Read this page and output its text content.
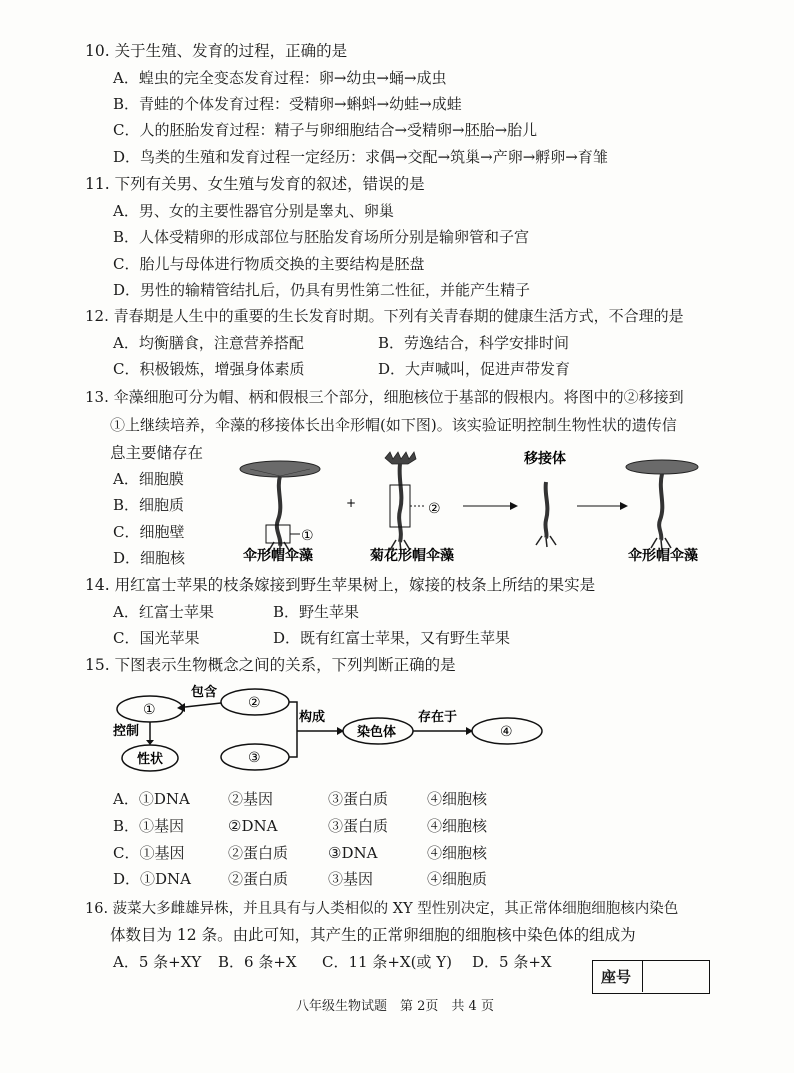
10. 关于生殖、发育的过程，正确的是
A．蝗虫的完全变态发育过程：卵→幼虫→蛹→成虫
B．青蛙的个体发育过程：受精卵→蝌蚪→幼蛙→成蛙
C．人的胚胎发育过程：精子与卵细胞结合→受精卵→胚胎→胎儿
D．鸟类的生殖和发育过程一定经历：求偶→交配→筑巢→产卵→孵卵→育雏
11. 下列有关男、女生殖与发育的叙述，错误的是
A．男、女的主要性器官分别是睾丸、卵巢
B．人体受精卵的形成部位与胚胎发育场所分别是输卵管和子宫
C．胎儿与母体进行物质交换的主要结构是胚盘
D．男性的输精管结扎后，仍具有男性第二性征，并能产生精子
12. 青春期是人生中的重要的生长发育时期。下列有关青春期的健康生活方式，不合理的是
A．均衡膳食，注意营养搭配	B．劳逸结合，科学安排时间
C．积极锻炼，增强身体素质	D．大声喊叫，促进声带发育
13. 伞藻细胞可分为帽、柄和假根三个部分，细胞核位于基部的假根内。将图中的②移接到
①上继续培养，伞藻的移接体长出伞形帽(如下图)。该实验证明控制生物性状的遗传信
息主要储存在
A．细胞膜
B．细胞质
C．细胞壁
D．细胞核
①
伞形帽伞藻
+	②
菊花形帽伞藻
移接体
伞形帽伞藻
14. 用红富士苹果的枝条嫁接到野生苹果树上，嫁接的枝条上所结的果实是
A．红富士苹果	B．野生苹果
C．国光苹果	D．既有红富士苹果，又有野生苹果
15. 下图表示生物概念之间的关系，下列判断正确的是
①	②
③
④
性状
染色体
包含
控制
构成	存在于
A．①DNA	②基因	③蛋白质	④细胞核
B．①基因	②DNA	③蛋白质	④细胞核
C．①基因	②蛋白质	③DNA	④细胞核
D．①DNA ②蛋白质	③基因	④细胞质
16. 菠菜大多雌雄异株，并且具有与人类相似的 XY 型性别决定，其正常体细胞细胞核内染色
体数目为 12 条。由此可知，其产生的正常卵细胞的细胞核中染色体的组成为
A．5 条+XY B．6 条+X C．11 条+X(或 Y) D．5 条+X
座号
八年级生物试题　第 2页　共 4 页
